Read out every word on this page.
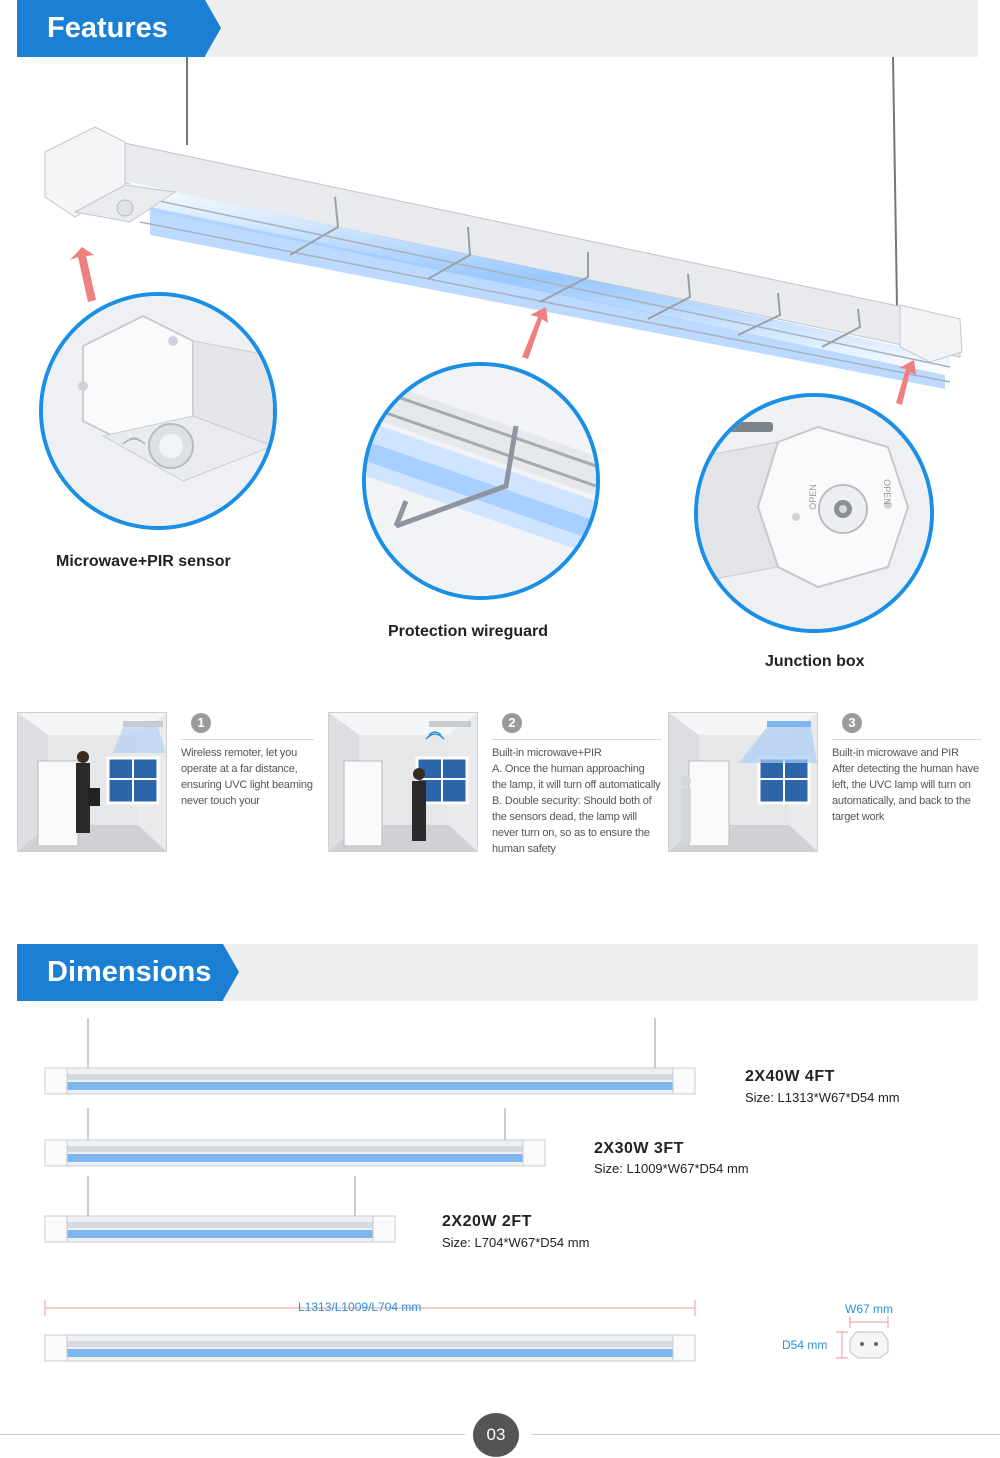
Features
Microwave+PIR sensor
Protection wireguard
OPEN	OPEN
Junction box
1
Wireless remoter, let you
operate at a far distance,
ensuring UVC light beaming
never touch your
2
Built-in microwave+PIR
A. Once the human approaching
the lamp, it will turn off automatically
B. Double security: Should both of
the sensors dead, the lamp will
never turn on, so as to ensure the
human safety
3
Built-in microwave and PIR
After detecting the human have
left, the UVC lamp will turn on
automatically, and back to the
target work
Dimensions
2X40W 4FT
Size: L1313*W67*D54 mm
2X30W 3FT
Size: L1009*W67*D54 mm
2X20W 2FT
Size: L704*W67*D54 mm
L1313/L1009/L704 mm	W67 mm
D54 mm
03
